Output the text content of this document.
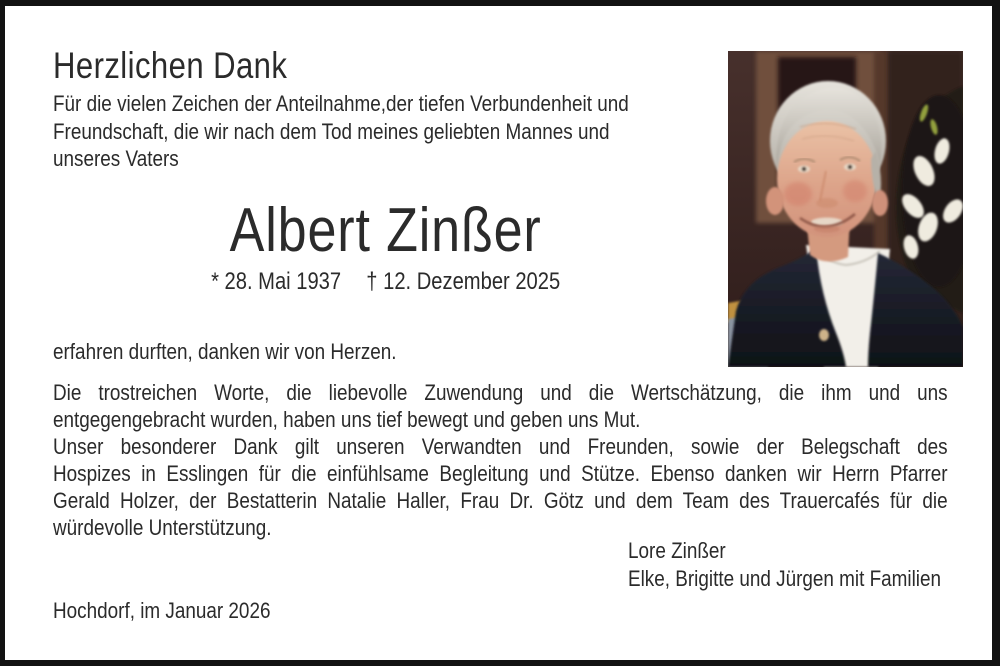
Herzlichen Dank
Für die vielen Zeichen der Anteilnahme,der tiefen Verbundenheit und
Freundschaft, die wir nach dem Tod meines geliebten Mannes und
unseres Vaters
Albert Zinßer
* 28. Mai 1937 † 12. Dezember 2025
erfahren durften, danken wir von Herzen.
Die trostreichen Worte, die liebevolle Zuwendung und die Wertschätzung, die ihm und uns
entgegengebracht wurden, haben uns tief bewegt und geben uns Mut.
Unser besonderer Dank gilt unseren Verwandten und Freunden, sowie der Belegschaft des
Hospizes in Esslingen für die einfühlsame Begleitung und Stütze. Ebenso danken wir Herrn Pfarrer
Gerald Holzer, der Bestatterin Natalie Haller, Frau Dr. Götz und dem Team des Trauercafés für die
würdevolle Unterstützung.
Lore Zinßer
Elke, Brigitte und Jürgen mit Familien
Hochdorf, im Januar 2026
